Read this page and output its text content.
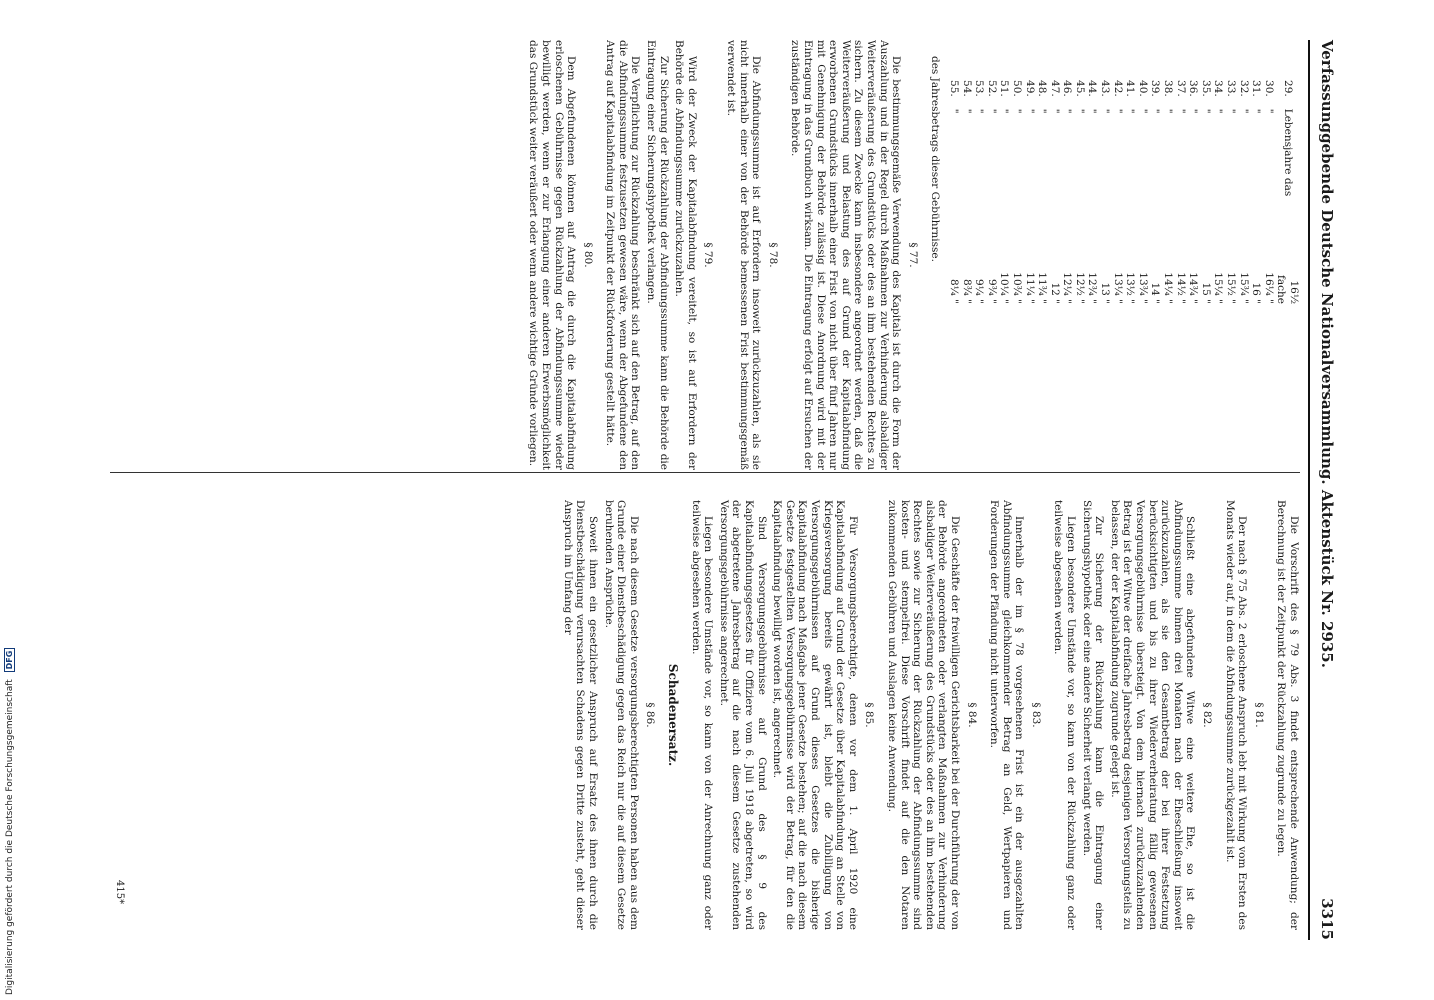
Verfassunggebende Deutsche Nationalversammlung. Aktenstück Nr. 2935.
3315
29.	Lebensjahre das	16½ fache
30.	"	16¼ "
31.	"	16 "
32.	"	15¾ "
33.	"	15½ "
34.	"	15¼ "
35.	"	15 "
36.	"	14¾ "
37.	"	14½ "
38.	"	14¼ "
39.	"	14 "
40.	"	13¾ "
41.	"	13½ "
42.	"	13¼ "
43.	"	13 "
44.	"	12¾ "
45.	"	12½ "
46.	"	12¼ "
47.	"	12 "
48.	"	11¾ "
49.	"	11¼ "
50.	"	10¾ "
51.	"	10¼ "
52.	"	9¾ "
53.	"	9¼ "
54.	"	8¾ "
55.	"	8¼ "

des Jahresbetrags dieser Gebührnisse.

§ 77.

Die bestimmungsgemäße Verwendung des Kapitals ist durch die Form der Auszahlung und in der Regel durch Maßnahmen zur Verhinderung alsbaldiger Weiterveräußerung des Grundstücks oder des an ihm bestehenden Rechtes zu sichern. Zu diesem Zwecke kann insbesondere angeordnet werden, daß die Weiterveräußerung und Belastung des auf Grund der Kapitalabfindung erworbenen Grundstücks innerhalb einer Frist von nicht über fünf Jahren nur mit Genehmigung der Behörde zulässig ist. Diese Anordnung wird mit der Eintragung in das Grundbuch wirksam. Die Eintragung erfolgt auf Ersuchen der zuständigen Behörde.

§ 78.

Die Abfindungssumme ist auf Erfordern insoweit zurückzuzahlen, als sie nicht innerhalb einer von der Behörde bemessenen Frist bestimmungsgemäß verwendet ist.

§ 79.

Wird der Zweck der Kapitalabfindung vereitelt, so ist auf Erfordern der Behörde die Abfindungssumme zurückzuzahlen.

Zur Sicherung der Rückzahlung der Abfindungssumme kann die Behörde die Eintragung einer Sicherungshypothek verlangen.

Die Verpflichtung zur Rückzahlung beschränkt sich auf den Betrag, auf den die Abfindungssumme festzusetzen gewesen wäre, wenn der Abgefundene den Antrag auf Kapitalabfindung im Zeitpunkt der Rückforderung gestellt hätte.

§ 80.

Dem Abgefundenen können auf Antrag die durch die Kapitalabfindung erloschenen Gebührnisse gegen Rückzahlung der Abfindungssumme wieder bewilligt werden, wenn er zur Erlangung einer anderen Erwerbsmöglichkeit das Grundstück weiter veräußert oder wenn andere wichtige Gründe vorliegen.

Die Vorschrift des § 79 Abs. 3 findet entsprechende Anwendung; der Berechnung ist der Zeitpunkt der Rückzahlung zugrunde zu legen.

§ 81.

Der nach § 75 Abs. 2 erloschene Anspruch lebt mit Wirkung vom Ersten des Monats wieder auf, in dem die Abfindungssumme zurückgezahlt ist.

§ 82.

Schließt eine abgefundene Witwe eine weitere Ehe, so ist die Abfindungssumme binnen drei Monaten nach der Eheschließung insoweit zurückzuzahlen, als sie den Gesamtbetrag der bei ihrer Festsetzung berücksichtigten und bis zu ihrer Wiederverheiratung fällig gewesenen Versorgungsgebührnisse übersteigt. Von dem hiernach zurückzuzahlenden Betrag ist der Witwe der dreifache Jahresbetrag desjenigen Versorgungsteils zu belassen, der der Kapitalabfindung zugrunde gelegt ist.

Zur Sicherung der Rückzahlung kann die Eintragung einer Sicherungshypothek oder eine andere Sicherheit verlangt werden.

Liegen besondere Umstände vor, so kann von der Rückzahlung ganz oder teilweise abgesehen werden.

§ 83.

Innerhalb der im § 78 vorgesehenen Frist ist ein der ausgezahlten Abfindungssumme gleichkommender Betrag an Geld, Wertpapieren und Forderungen der Pfändung nicht unterworfen.

§ 84.

Die Geschäfte der freiwilligen Gerichtsbarkeit bei der Durchführung der von der Behörde angeordneten oder verlangten Maßnahmen zur Verhinderung alsbaldiger Weiterveräußerung des Grundstücks oder des an ihm bestehenden Rechtes sowie zur Sicherung der Rückzahlung der Abfindungssumme sind kosten- und stempelfrei. Diese Vorschrift findet auf die den Notaren zukommenden Gebühren und Auslagen keine Anwendung.

§ 85.

Für Versorgungsberechtigte, denen vor dem 1. April 1920 eine Kapitalabfindung auf Grund der Gesetze über Kapitalabfindung an Stelle von Kriegsversorgung bereits gewährt ist, bleibt die Zubilligung von Versorgungsgebührnissen auf Grund dieses Gesetzes die bisherige Kapitalabfindung nach Maßgabe jener Gesetze bestehen; auf die nach diesem Gesetze festgestellten Versorgungsgebührnisse wird der Betrag, für den die Kapitalabfindung bewilligt worden ist, angerechnet.

Sind Versorgungsgebührnisse auf Grund des § 9 des Kapitalabfindungsgesetzes für Offiziere vom 6. Juli 1918 abgetreten, so wird der abgetretene Jahresbetrag auf die nach diesem Gesetze zustehenden Versorgungsgebührnisse angerechnet.

Liegen besondere Umstände vor, so kann von der Anrechnung ganz oder teilweise abgesehen werden.

Schadenersatz.
§ 86.

Die nach diesem Gesetze versorgungsberechtigten Personen haben aus dem Grunde einer Dienstbeschädigung gegen das Reich nur die auf diesem Gesetze beruhenden Ansprüche.

Soweit ihnen ein gesetzlicher Anspruch auf Ersatz des ihnen durch die Dienstbeschädigung verursachten Schadens gegen Dritte zusteht, geht dieser Anspruch im Umfang der

415*
Digitalisierung gefördert durch die Deutsche Forschungsgemeinschaft DFG
